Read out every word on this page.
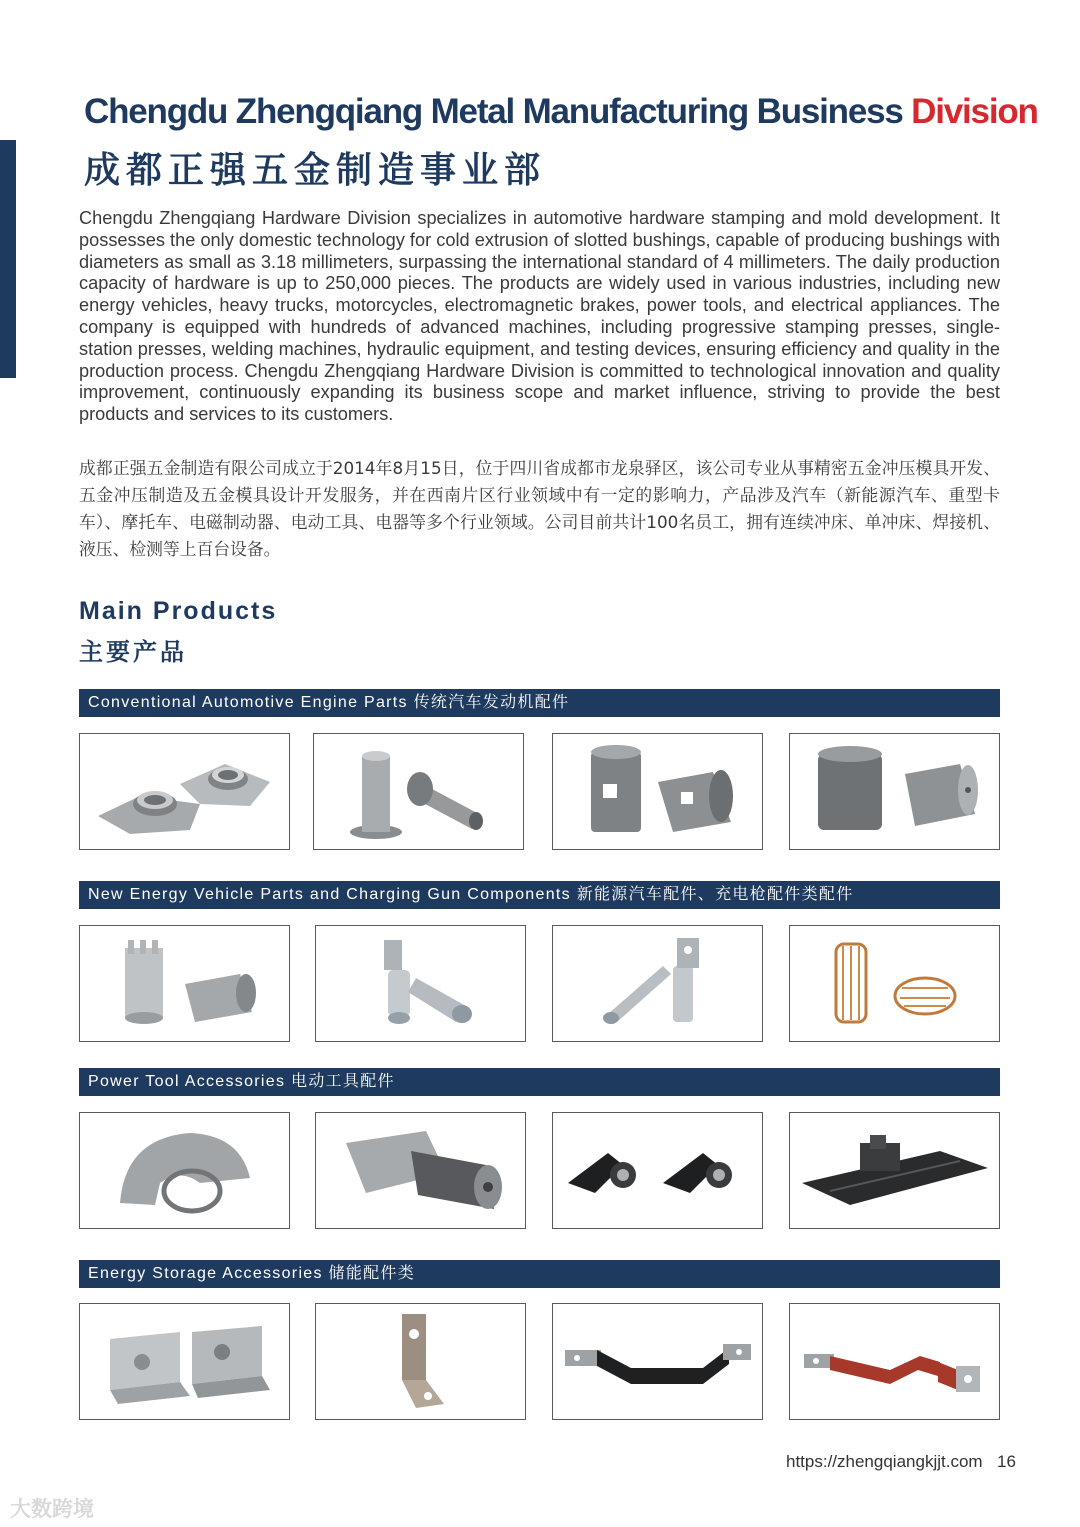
Chengdu Zhengqiang Metal Manufacturing Business Division
成都正强五金制造事业部

Chengdu Zhengqiang Hardware Division specializes in automotive hardware stamping and mold development. It possesses the only domestic technology for cold extrusion of slotted bushings, capable of producing bushings with diameters as small as 3.18 millimeters, surpassing the international standard of 4 millimeters. The daily production capacity of hardware is up to 250,000 pieces. The products are widely used in various industries, including new energy vehicles, heavy trucks, motorcycles, electromagnetic brakes, power tools, and electrical appliances. The company is equipped with hundreds of advanced machines, including progressive stamping presses, single-station presses, welding machines, hydraulic equipment, and testing devices, ensuring efficiency and quality in the production process. Chengdu Zhengqiang Hardware Division is committed to technological innovation and quality improvement, continuously expanding its business scope and market influence, striving to provide the best products and services to its customers.

成都正强五金制造有限公司成立于2014年8月15日，位于四川省成都市龙泉驿区，该公司专业从事精密五金冲压模具开发、五金冲压制造及五金模具设计开发服务，并在西南片区行业领域中有一定的影响力，产品涉及汽车（新能源汽车、重型卡车）、摩托车、电磁制动器、电动工具、电器等多个行业领域。公司目前共计100名员工，拥有连续冲床、单冲床、焊接机、液压、检测等上百台设备。

Main Products
主要产品
Conventional Automotive Engine Parts 传统汽车发动机配件
New Energy Vehicle Parts and Charging Gun Components 新能源汽车配件、充电枪配件类配件
Power Tool Accessories 电动工具配件
Energy Storage Accessories 储能配件类
https://zhengqiangkjjt.com 16
大数跨境
